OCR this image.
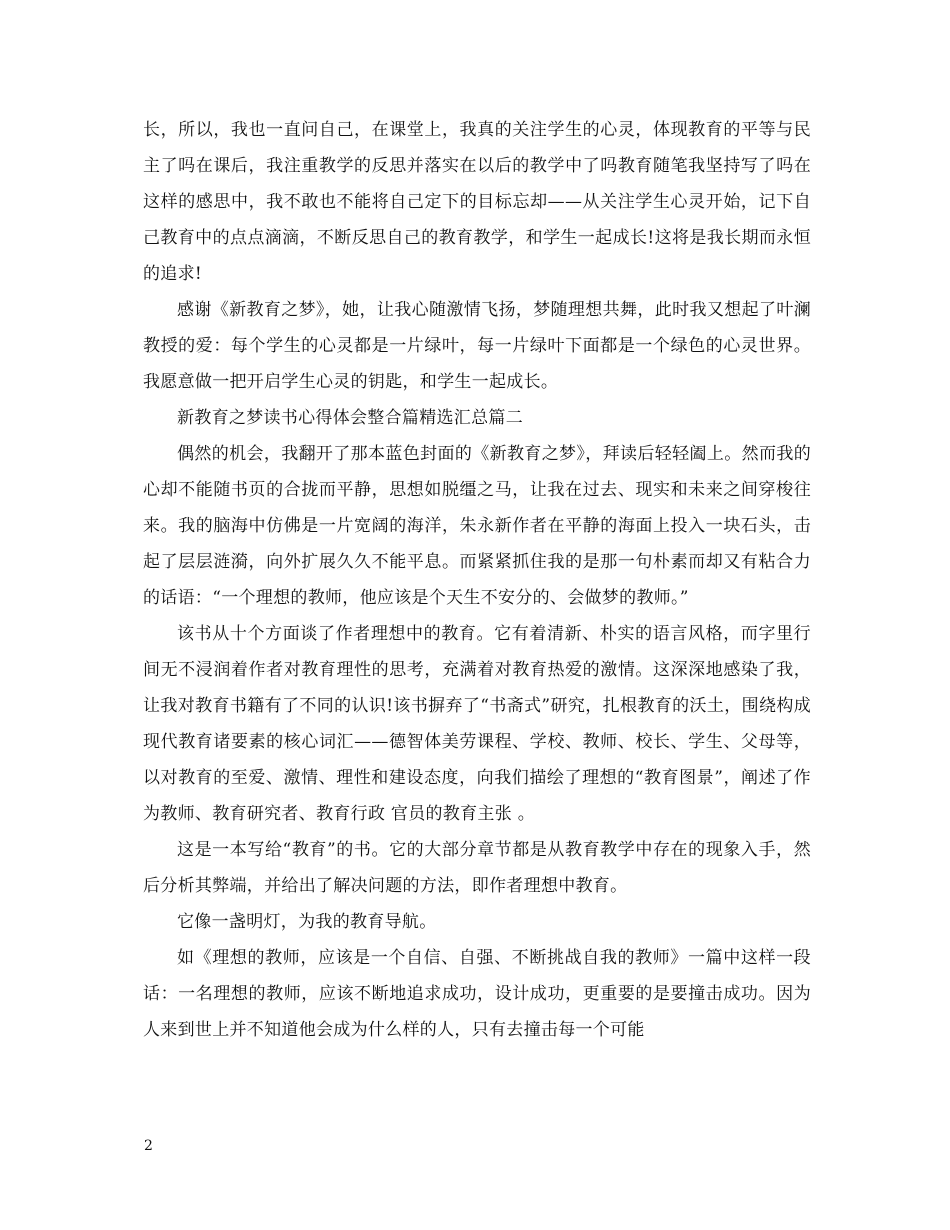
长，所以，我也一直问自己，在课堂上，我真的关注学生的心灵，体现教育的平等与民主了吗在课后，我注重教学的反思并落实在以后的教学中了吗教育随笔我坚持写了吗在这样的感思中，我不敢也不能将自己定下的目标忘却——从关注学生心灵开始，记下自己教育中的点点滴滴，不断反思自己的教育教学，和学生一起成长!这将是我长期而永恒的追求!

感谢《新教育之梦》，她，让我心随激情飞扬，梦随理想共舞，此时我又想起了叶澜教授的爱：每个学生的心灵都是一片绿叶，每一片绿叶下面都是一个绿色的心灵世界。我愿意做一把开启学生心灵的钥匙，和学生一起成长。

新教育之梦读书心得体会整合篇精选汇总篇二

偶然的机会，我翻开了那本蓝色封面的《新教育之梦》，拜读后轻轻阖上。然而我的心却不能随书页的合拢而平静，思想如脱缰之马，让我在过去、现实和未来之间穿梭往来。我的脑海中仿佛是一片宽阔的海洋，朱永新作者在平静的海面上投入一块石头，击起了层层涟漪，向外扩展久久不能平息。而紧紧抓住我的是那一句朴素而却又有粘合力的话语：“一个理想的教师，他应该是个天生不安分的、会做梦的教师。”

该书从十个方面谈了作者理想中的教育。它有着清新、朴实的语言风格，而字里行间无不浸润着作者对教育理性的思考，充满着对教育热爱的激情。这深深地感染了我，让我对教育书籍有了不同的认识!该书摒弃了“书斋式”研究，扎根教育的沃土，围绕构成现代教育诸要素的核心词汇——德智体美劳课程、学校、教师、校长、学生、父母等，以对教育的至爱、激情、理性和建设态度，向我们描绘了理想的“教育图景”，阐述了作为教师、教育研究者、教育行政 官员的教育主张 。

这是一本写给“教育”的书。它的大部分章节都是从教育教学中存在的现象入手，然后分析其弊端，并给出了解决问题的方法，即作者理想中教育。

它像一盏明灯，为我的教育导航。

如《理想的教师，应该是一个自信、自强、不断挑战自我的教师》一篇中这样一段话：一名理想的教师，应该不断地追求成功，设计成功，更重要的是要撞击成功。因为人来到世上并不知道他会成为什么样的人，只有去撞击每一个可能

2
